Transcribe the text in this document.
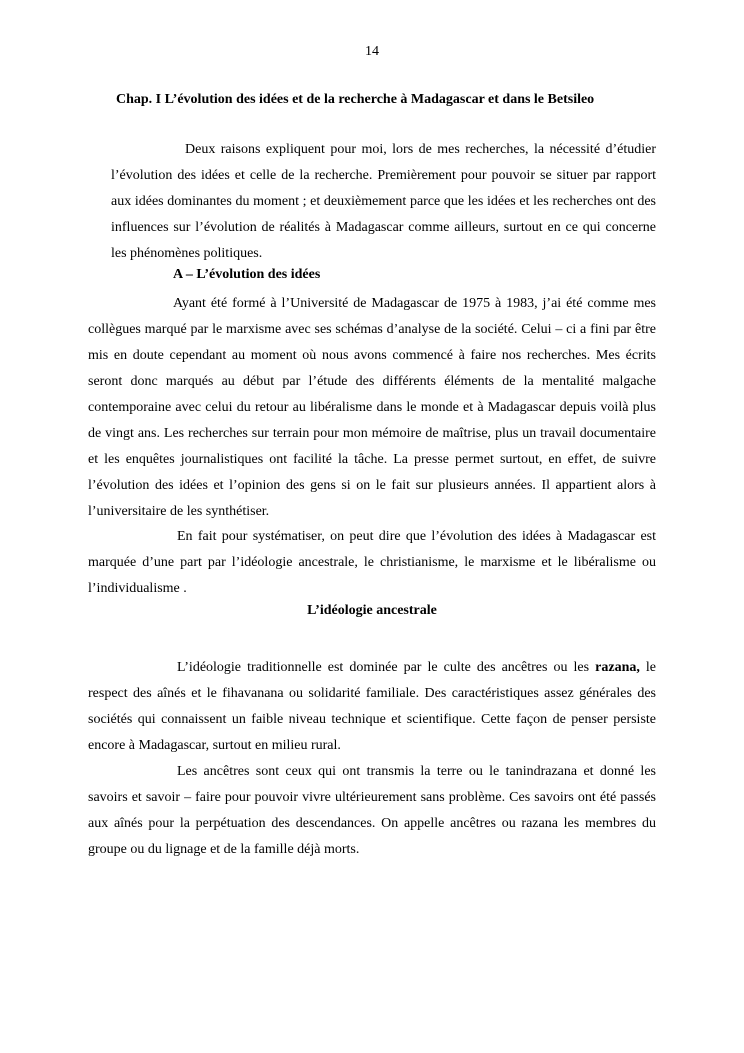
14
Chap. I L’évolution des idées et de la recherche à Madagascar et dans le Betsileo

Deux raisons expliquent pour moi, lors de mes recherches, la nécessité d’étudier l’évolution des idées et celle de la recherche. Premièrement pour pouvoir se situer par rapport aux idées dominantes du moment ; et deuxièmement parce que les idées et les recherches ont des influences sur l’évolution de réalités à Madagascar comme ailleurs, surtout en ce qui concerne les phénomènes politiques.

A – L’évolution des idées

Ayant été formé à l’Université de Madagascar de 1975 à 1983, j’ai été comme mes collègues marqué par le marxisme avec ses schémas d’analyse de la société. Celui – ci a fini par être mis en doute cependant au moment où nous avons commencé à faire nos recherches. Mes écrits seront donc marqués au début par l’étude des différents éléments de la mentalité malgache contemporaine avec celui du retour au libéralisme dans le monde et à Madagascar depuis voilà plus de vingt ans. Les recherches sur terrain pour mon mémoire de maîtrise, plus un travail documentaire et les enquêtes journalistiques ont facilité la tâche. La presse permet surtout, en effet, de suivre l’évolution des idées et l’opinion des gens si on le fait sur plusieurs années. Il appartient alors à l’universitaire de les synthétiser.

En fait pour systématiser, on peut dire que l’évolution des idées à Madagascar est marquée d’une part par l’idéologie ancestrale, le christianisme, le marxisme et le libéralisme ou l’individualisme .

L’idéologie ancestrale

L’idéologie traditionnelle est dominée par le culte des ancêtres ou les razana, le respect des aînés et le fihavanana ou solidarité familiale. Des caractéristiques assez générales des sociétés qui connaissent un faible niveau technique et scientifique. Cette façon de penser persiste encore à Madagascar, surtout en milieu rural.

Les ancêtres sont ceux qui ont transmis la terre ou le tanindrazana et donné les savoirs et savoir – faire pour pouvoir vivre ultérieurement sans problème. Ces savoirs ont été passés aux aînés pour la perpétuation des descendances. On appelle ancêtres ou razana les membres du groupe ou du lignage et de la famille déjà morts.
